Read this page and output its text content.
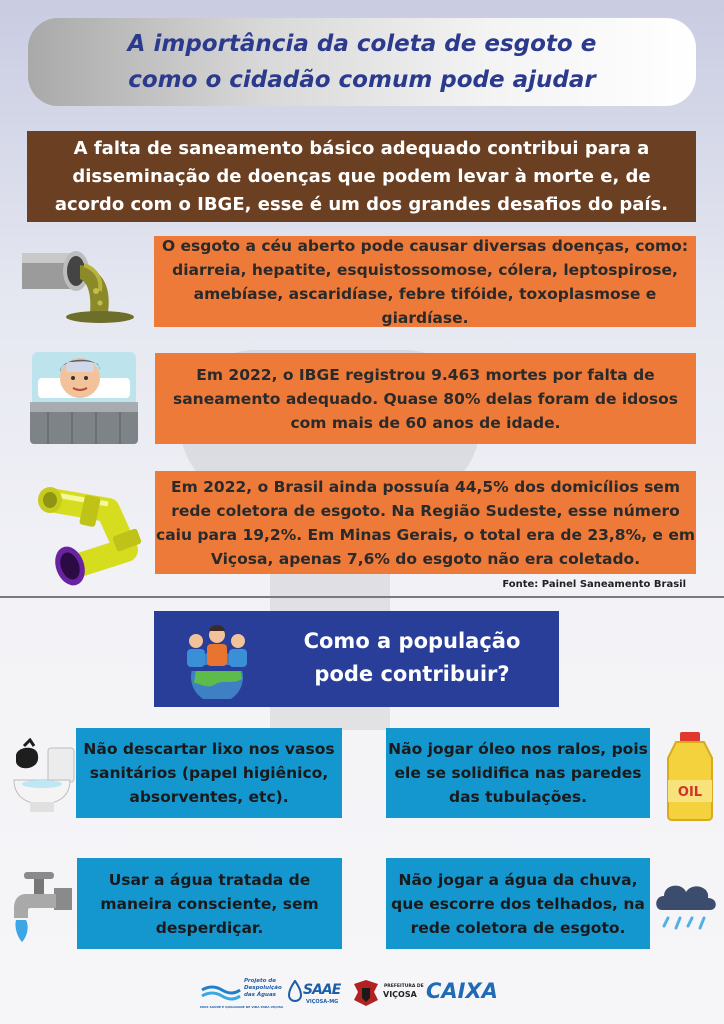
A importância da coleta de esgoto e
como o cidadão comum pode ajudar
A falta de saneamento básico adequado contribui para a
disseminação de doenças que podem levar à morte e, de
acordo com o IBGE, esse é um dos grandes desafios do país.
O esgoto a céu aberto pode causar diversas doenças, como:
diarreia, hepatite, esquistossomose, cólera, leptospirose,
amebíase, ascaridíase, febre tifóide, toxoplasmose e giardíase.
Em 2022, o IBGE registrou 9.463 mortes por falta de
saneamento adequado. Quase 80% delas foram de idosos
com mais de 60 anos de idade.
Em 2022, o Brasil ainda possuía 44,5% dos domicílios sem
rede coletora de esgoto. Na Região Sudeste, esse número
caiu para 19,2%. Em Minas Gerais, o total era de 23,8%, e em
Viçosa, apenas 7,6% do esgoto não era coletado.
Fonte: Painel Saneamento Brasil
Como a população
pode contribuir?
Não descartar lixo nos vasos
sanitários (papel higiênico,
absorventes, etc).
Não jogar óleo nos ralos, pois
ele se solidifica nas paredes
das tubulações.	OIL
Usar a água tratada de
maneira consciente, sem
desperdiçar.
Não jogar a água da chuva,
que escorre dos telhados, na
rede coletora de esgoto.
Projeto de Despoluição das Águas
MAIS SAÚDE E QUALIDADE DE VIDA PARA VIÇOSA
SAAE
VIÇOSA-MG
PREFEITURA DE
VIÇOSA CAIXA
